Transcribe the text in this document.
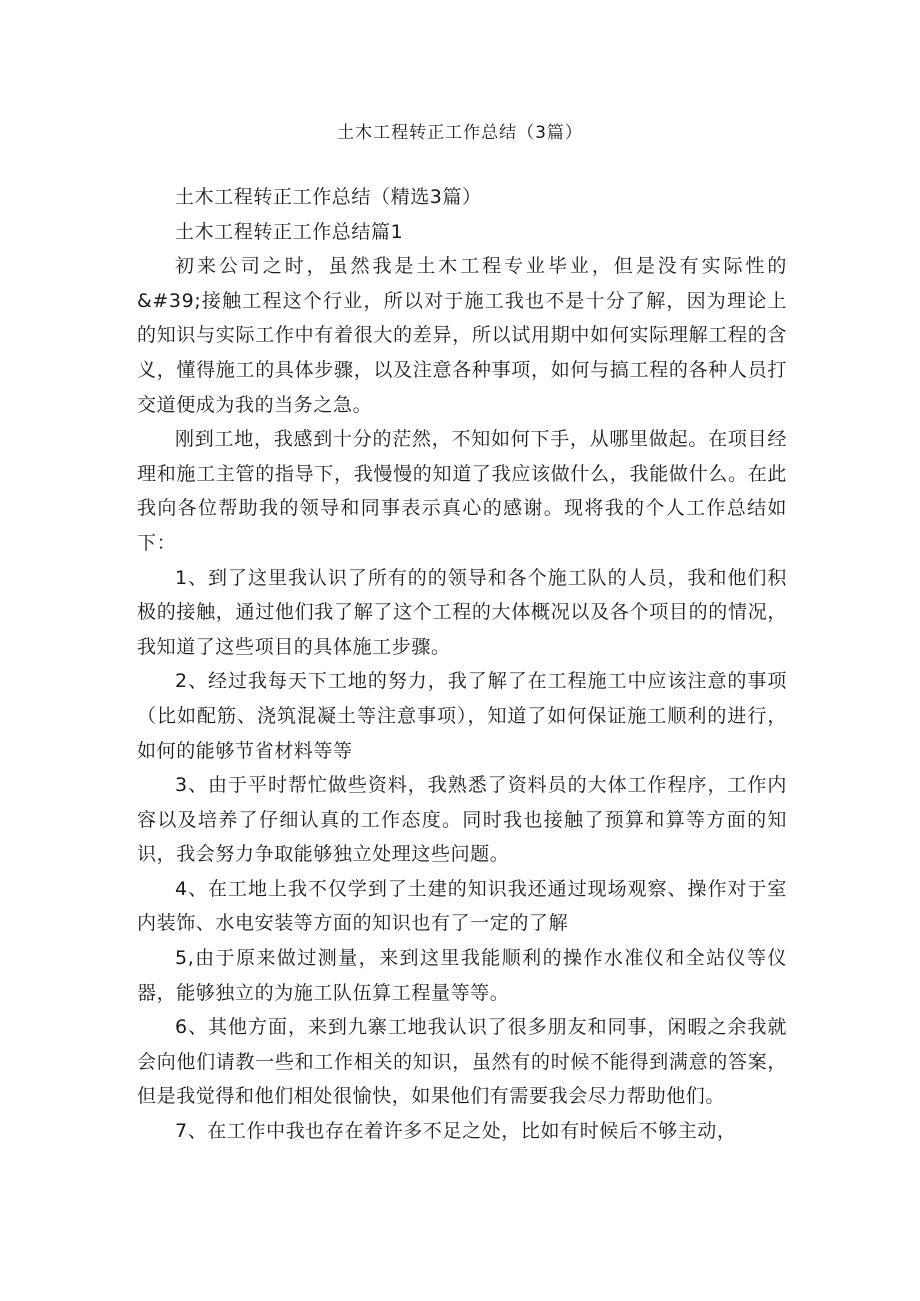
土木工程转正工作总结（3篇）

土木工程转正工作总结（精选3篇）

土木工程转正工作总结篇1

初来公司之时，虽然我是土木工程专业毕业，但是没有实际性的&#39;接触工程这个行业，所以对于施工我也不是十分了解，因为理论上的知识与实际工作中有着很大的差异，所以试用期中如何实际理解工程的含义，懂得施工的具体步骤，以及注意各种事项，如何与搞工程的各种人员打交道便成为我的当务之急。

刚到工地，我感到十分的茫然，不知如何下手，从哪里做起。在项目经理和施工主管的指导下，我慢慢的知道了我应该做什么，我能做什么。在此我向各位帮助我的领导和同事表示真心的感谢。现将我的个人工作总结如下：

1、到了这里我认识了所有的的领导和各个施工队的人员，我和他们积极的接触，通过他们我了解了这个工程的大体概况以及各个项目的的情况，我知道了这些项目的具体施工步骤。

2、经过我每天下工地的努力，我了解了在工程施工中应该注意的事项（比如配筋、浇筑混凝土等注意事项），知道了如何保证施工顺利的进行，如何的能够节省材料等等

3、由于平时帮忙做些资料，我熟悉了资料员的大体工作程序，工作内容以及培养了仔细认真的工作态度。同时我也接触了预算和算等方面的知识，我会努力争取能够独立处理这些问题。

4、在工地上我不仅学到了土建的知识我还通过现场观察、操作对于室内装饰、水电安装等方面的知识也有了一定的了解

5,由于原来做过测量，来到这里我能顺利的操作水准仪和全站仪等仪器，能够独立的为施工队伍算工程量等等。

6、其他方面，来到九寨工地我认识了很多朋友和同事，闲暇之余我就会向他们请教一些和工作相关的知识，虽然有的时候不能得到满意的答案，但是我觉得和他们相处很愉快，如果他们有需要我会尽力帮助他们。

7、在工作中我也存在着许多不足之处，比如有时候后不够主动，
